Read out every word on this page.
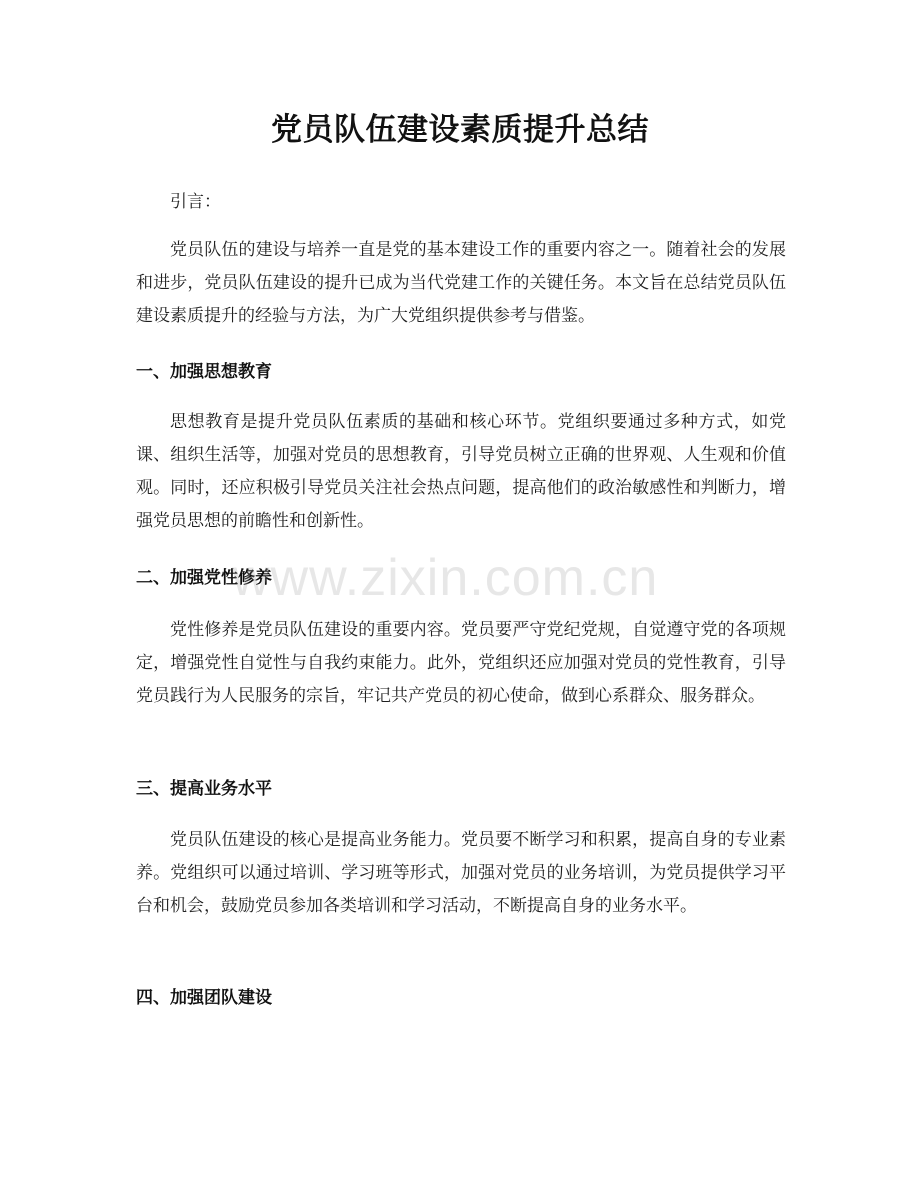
党员队伍建设素质提升总结

引言：

党员队伍的建设与培养一直是党的基本建设工作的重要内容之一。随着社会的发展和进步，党员队伍建设的提升已成为当代党建工作的关键任务。本文旨在总结党员队伍建设素质提升的经验与方法，为广大党组织提供参考与借鉴。

一、加强思想教育

思想教育是提升党员队伍素质的基础和核心环节。党组织要通过多种方式，如党课、组织生活等，加强对党员的思想教育，引导党员树立正确的世界观、人生观和价值观。同时，还应积极引导党员关注社会热点问题，提高他们的政治敏感性和判断力，增强党员思想的前瞻性和创新性。

二、加强党性修养

党性修养是党员队伍建设的重要内容。党员要严守党纪党规，自觉遵守党的各项规定，增强党性自觉性与自我约束能力。此外，党组织还应加强对党员的党性教育，引导党员践行为人民服务的宗旨，牢记共产党员的初心使命，做到心系群众、服务群众。

三、提高业务水平

党员队伍建设的核心是提高业务能力。党员要不断学习和积累，提高自身的专业素养。党组织可以通过培训、学习班等形式，加强对党员的业务培训，为党员提供学习平台和机会，鼓励党员参加各类培训和学习活动，不断提高自身的业务水平。

四、加强团队建设
www.zixin.com.cn
